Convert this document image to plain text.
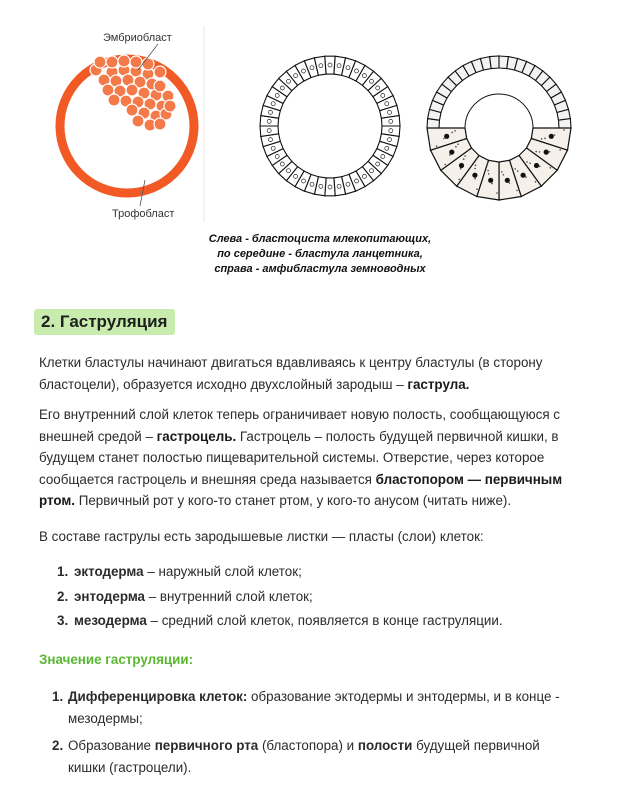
Эмбриобласт
Трофобласт
Слева - бластоциста млекопитающих,
по середине - бластула ланцетника,
справа - амфибластула земноводных
2. Гаструляция
Клетки бластулы начинают двигаться вдавливаясь к центру бластулы (в сторону бластоцели), образуется исходно двухслойный зародыш – гаструла.
Его внутренний слой клеток теперь ограничивает новую полость, сообщающуюся с внешней средой – гастроцель. Гастроцель – полость будущей первичной кишки, в будущем станет полостью пищеварительной системы. Отверстие, через которое сообщается гастроцель и внешняя среда называется бластопором — первичным ртом. Первичный рот у кого-то станет ртом, у кого-то анусом (читать ниже).
В составе гаструлы есть зародышевые листки — пласты (слои) клеток:
1. эктодерма – наружный слой клеток;
2. энтодерма – внутренний слой клеток;
3. мезодерма – средний слой клеток, появляется в конце гаструляции.
Значение гаструляции:
1. Дифференцировка клеток: образование эктодермы и энтодермы, и в конце - мезодермы;
2. Образование первичного рта (бластопора) и полости будущей первичной кишки (гастроцели).
